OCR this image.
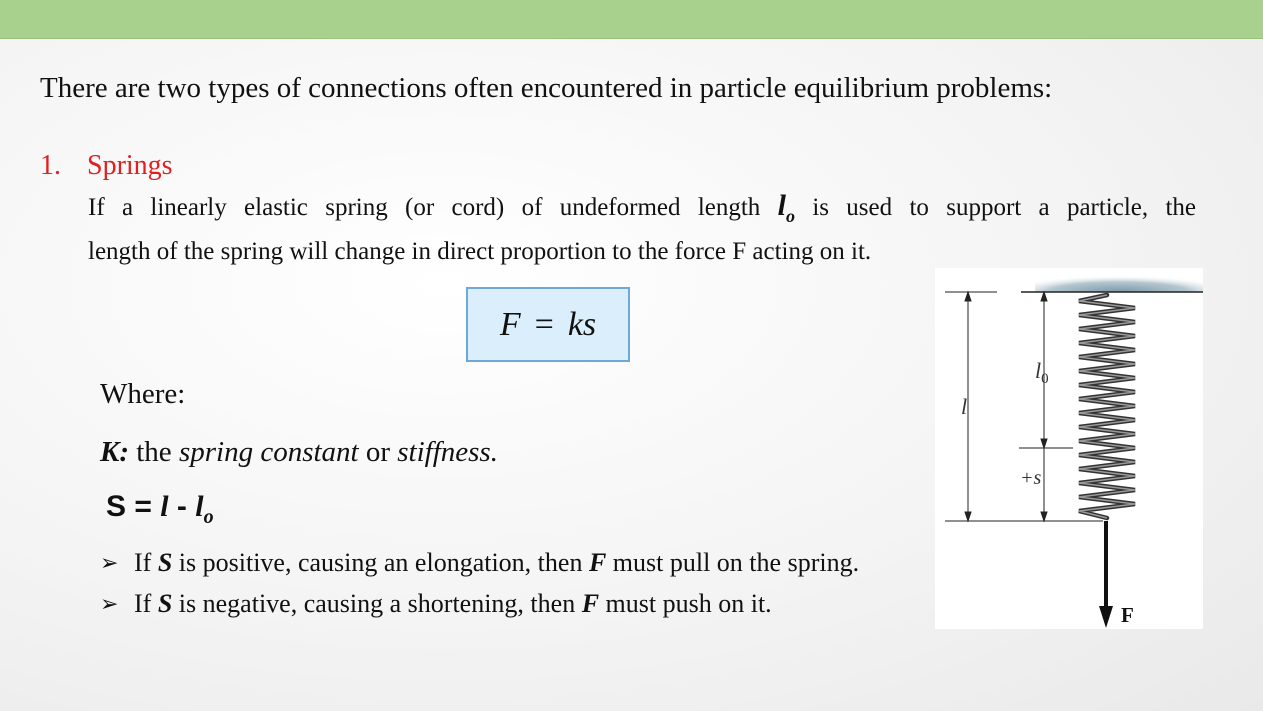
There are two types of connections often encountered in particle equilibrium problems:
1. Springs
If a linearly elastic spring (or cord) of undeformed length $l_o$ is used to support a particle, the
length of the spring will change in direct proportion to the force F acting on it.
F = ks
Where:
K: the spring constant or stiffness.
$S = l - l_o$
➢ If S is positive, causing an elongation, then F must pull on the spring.
➢ If S is negative, causing a shortening, then F must push on it.
l
$l_0$
+s
F
